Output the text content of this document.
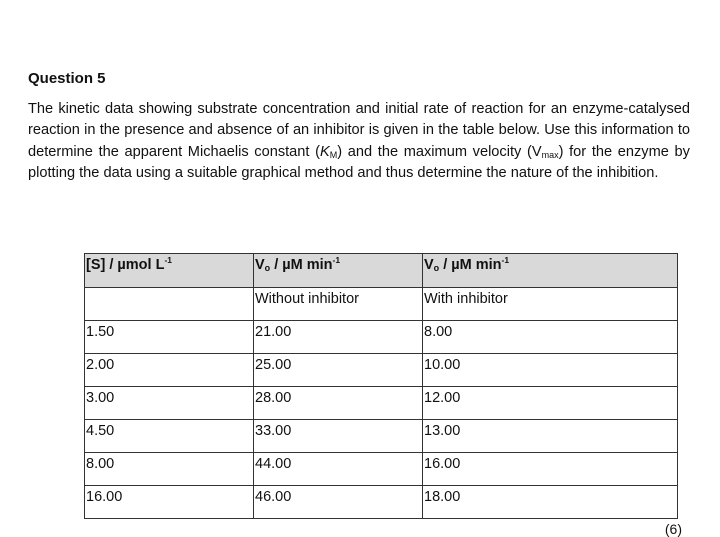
Question 5

The kinetic data showing substrate concentration and initial rate of reaction for an enzyme-catalysed reaction in the presence and absence of an inhibitor is given in the table below. Use this information to determine the apparent Michaelis constant $(K_M)$ and the maximum velocity $(V_{max})$ for the enzyme by plotting the data using a suitable graphical method and thus determine the nature of the inhibition.

[S] / µmol $L^{-1}$	Vo / µM $\min^{-1}$	Vo / µM $\min^{-1}$
	Without inhibitor	With inhibitor
1.50	21.00	8.00
2.00	25.00	10.00
3.00	28.00	12.00
4.50	33.00	13.00
8.00	44.00	16.00
16.00	46.00	18.00
(6)
